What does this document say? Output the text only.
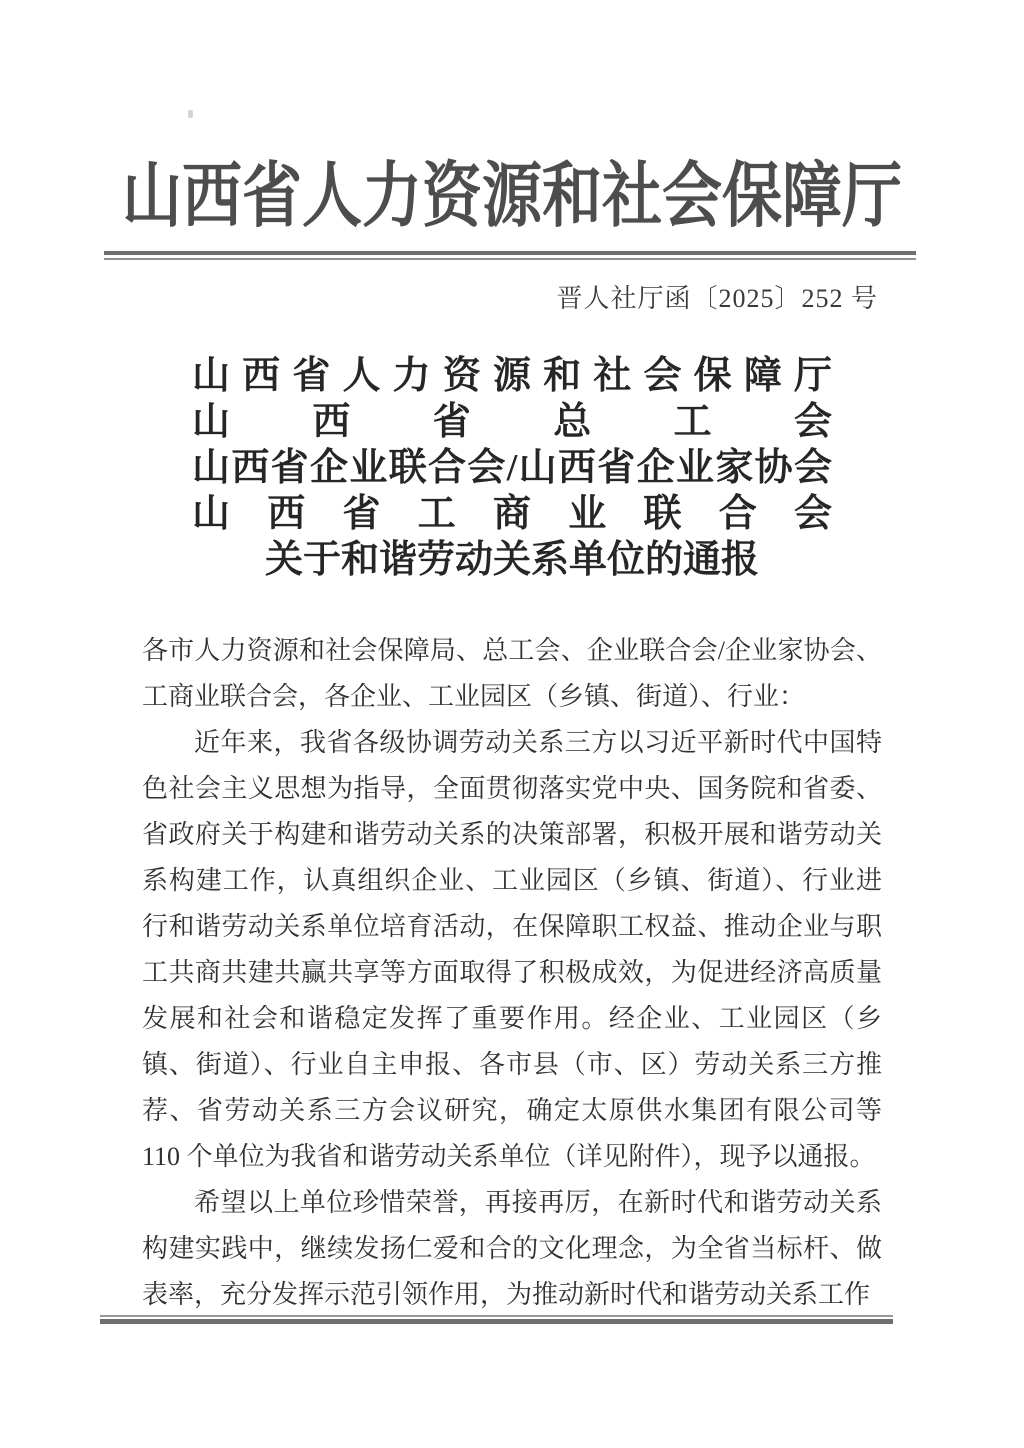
山西省人力资源和社会保障厅
晋人社厅函〔2025〕252 号
山西省人力资源和社会保障厅
山西省总工会
山西省企业联合会/山西省企业家协会
山西省工商业联合会
关于和谐劳动关系单位的通报

各市人力资源和社会保障局、总工会、企业联合会/企业家协会、工商业联合会，各企业、工业园区（乡镇、街道）、行业：

近年来，我省各级协调劳动关系三方以习近平新时代中国特色社会主义思想为指导，全面贯彻落实党中央、国务院和省委、省政府关于构建和谐劳动关系的决策部署，积极开展和谐劳动关系构建工作，认真组织企业、工业园区（乡镇、街道）、行业进行和谐劳动关系单位培育活动，在保障职工权益、推动企业与职工共商共建共赢共享等方面取得了积极成效，为促进经济高质量发展和社会和谐稳定发挥了重要作用。经企业、工业园区（乡镇、街道）、行业自主申报、各市县（市、区）劳动关系三方推荐、省劳动关系三方会议研究，确定太原供水集团有限公司等 110 个单位为我省和谐劳动关系单位（详见附件），现予以通报。

希望以上单位珍惜荣誉，再接再厉，在新时代和谐劳动关系构建实践中，继续发扬仁爱和合的文化理念，为全省当标杆、做表率，充分发挥示范引领作用，为推动新时代和谐劳动关系工作
